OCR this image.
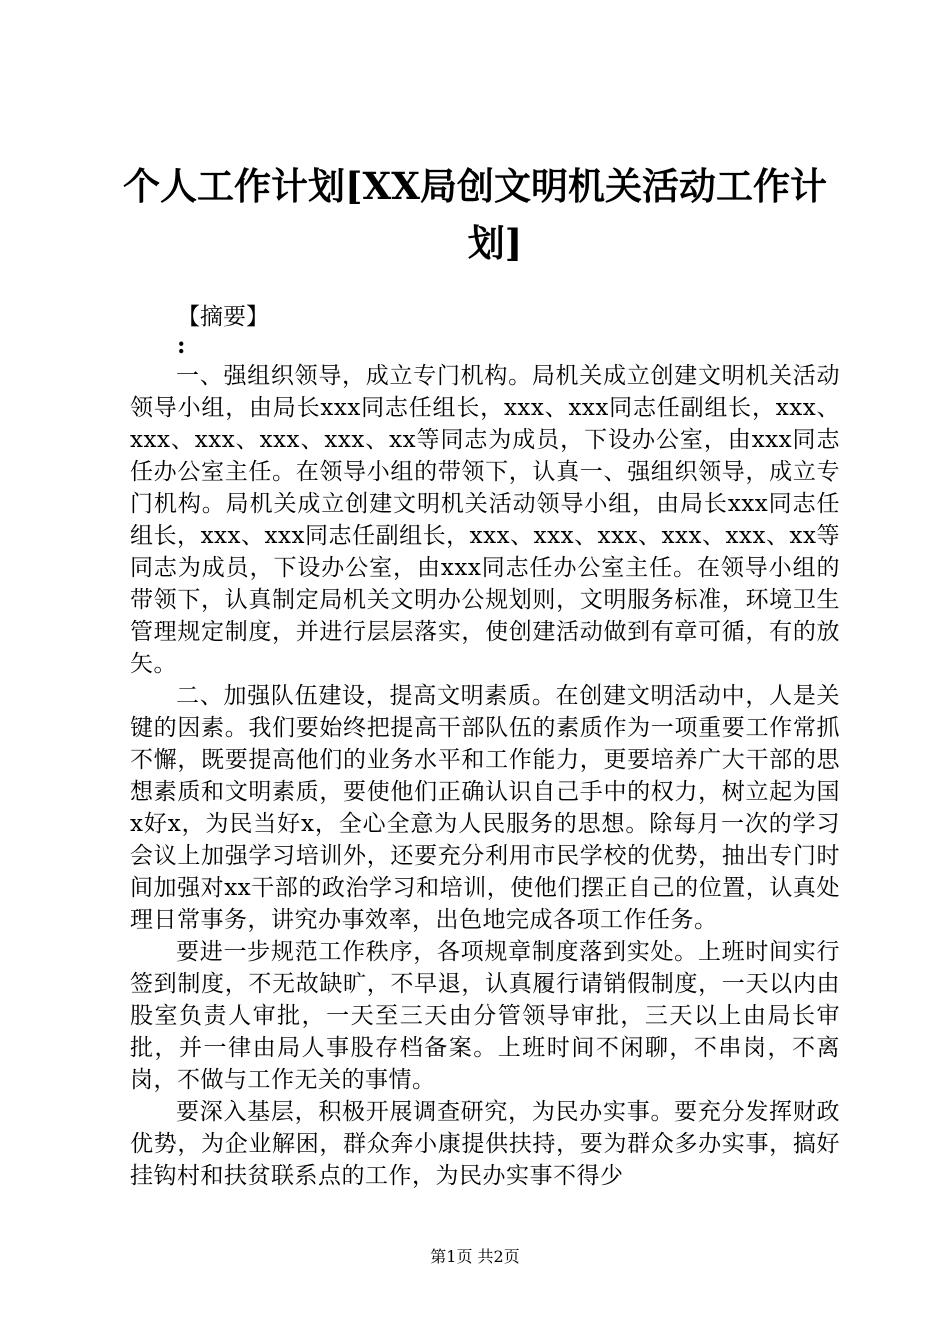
个人工作计划[XX局创文明机关活动工作计
划]
【摘要】
:

一、强组织领导，成立专门机构。局机关成立创建文明机关活动领导小组，由局长xxx同志任组长，xxx、xxx同志任副组长，xxx、xxx、xxx、xxx、xxx、xx等同志为成员，下设办公室，由xxx同志任办公室主任。在领导小组的带领下，认真一、强组织领导，成立专门机构。局机关成立创建文明机关活动领导小组，由局长xxx同志任组长，xxx、xxx同志任副组长，xxx、xxx、xxx、xxx、xxx、xx等同志为成员，下设办公室，由xxx同志任办公室主任。在领导小组的带领下，认真制定局机关文明办公规划则，文明服务标准，环境卫生管理规定制度，并进行层层落实，使创建活动做到有章可循，有的放矢。

二、加强队伍建设，提高文明素质。在创建文明活动中，人是关键的因素。我们要始终把提高干部队伍的素质作为一项重要工作常抓不懈，既要提高他们的业务水平和工作能力，更要培养广大干部的思想素质和文明素质，要使他们正确认识自己手中的权力，树立起为国x好x，为民当好x，全心全意为人民服务的思想。除每月一次的学习会议上加强学习培训外，还要充分利用市民学校的优势，抽出专门时间加强对xx干部的政治学习和培训，使他们摆正自己的位置，认真处理日常事务，讲究办事效率，出色地完成各项工作任务。

要进一步规范工作秩序，各项规章制度落到实处。上班时间实行签到制度，不无故缺旷，不早退，认真履行请销假制度，一天以内由股室负责人审批，一天至三天由分管领导审批，三天以上由局长审批，并一律由局人事股存档备案。上班时间不闲聊，不串岗，不离岗，不做与工作无关的事情。

要深入基层，积极开展调查研究，为民办实事。要充分发挥财政优势，为企业解困，群众奔小康提供扶持，要为群众多办实事，搞好挂钩村和扶贫联系点的工作，为民办实事不得少

第1页 共2页
